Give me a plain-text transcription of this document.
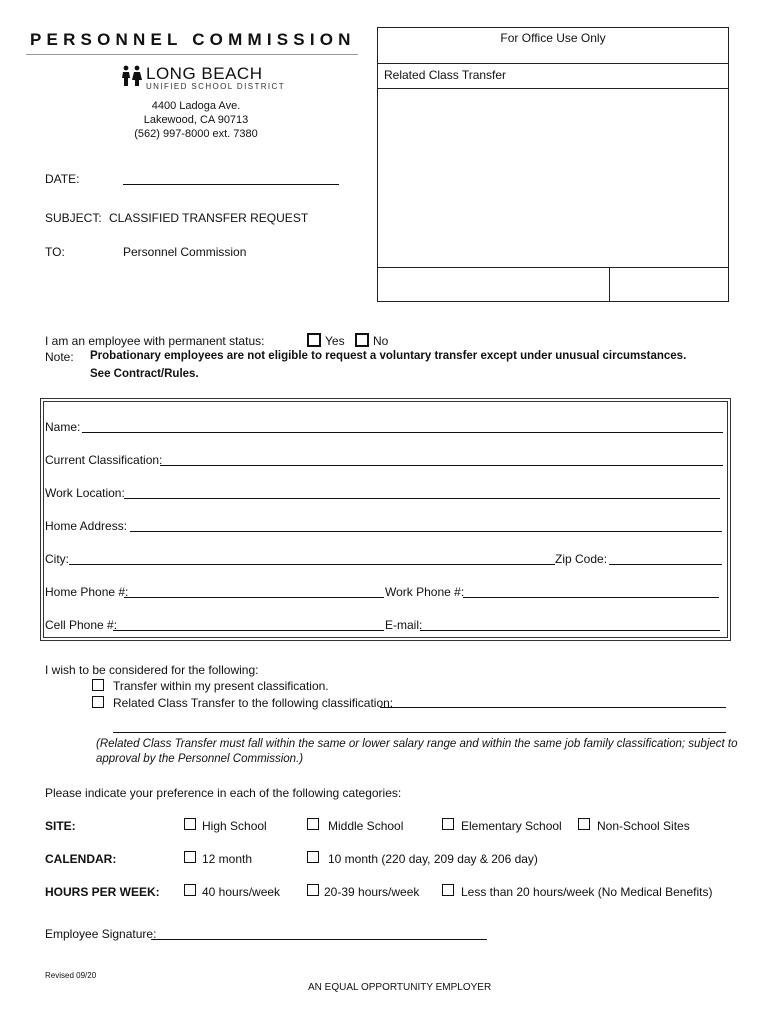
PERSONNEL COMMISSION
LONG BEACH
UNIFIED SCHOOL DISTRICT
4400 Ladoga Ave.
Lakewood, CA 90713
(562) 997-8000 ext. 7380
For Office Use Only
Related Class Transfer
DATE:
SUBJECT: CLASSIFIED TRANSFER REQUEST
TO:	Personnel Commission
I am an employee with permanent status:	Yes No
Note: Probationary employees are not eligible to request a voluntary transfer except under unusual circumstances.
See Contract/Rules.
Name:
Current Classification:
Work Location:
Home Address:
City:	Zip Code:
Home Phone #:	Work Phone #:
Cell Phone #:	E-mail:
I wish to be considered for the following:
Transfer within my present classification.
Related Class Transfer to the following classification:
(Related Class Transfer must fall within the same or lower salary range and within the same job family classification; subject to
approval by the Personnel Commission.)
Please indicate your preference in each of the following categories:
SITE:	High School	Middle School	Elementary School	Non-School Sites
CALENDAR:	12 month	10 month (220 day, 209 day & 206 day)
HOURS PER WEEK:	40 hours/week	20-39 hours/week	Less than 20 hours/week (No Medical Benefits)
Employee Signature:
Revised 09/20
AN EQUAL OPPORTUNITY EMPLOYER
